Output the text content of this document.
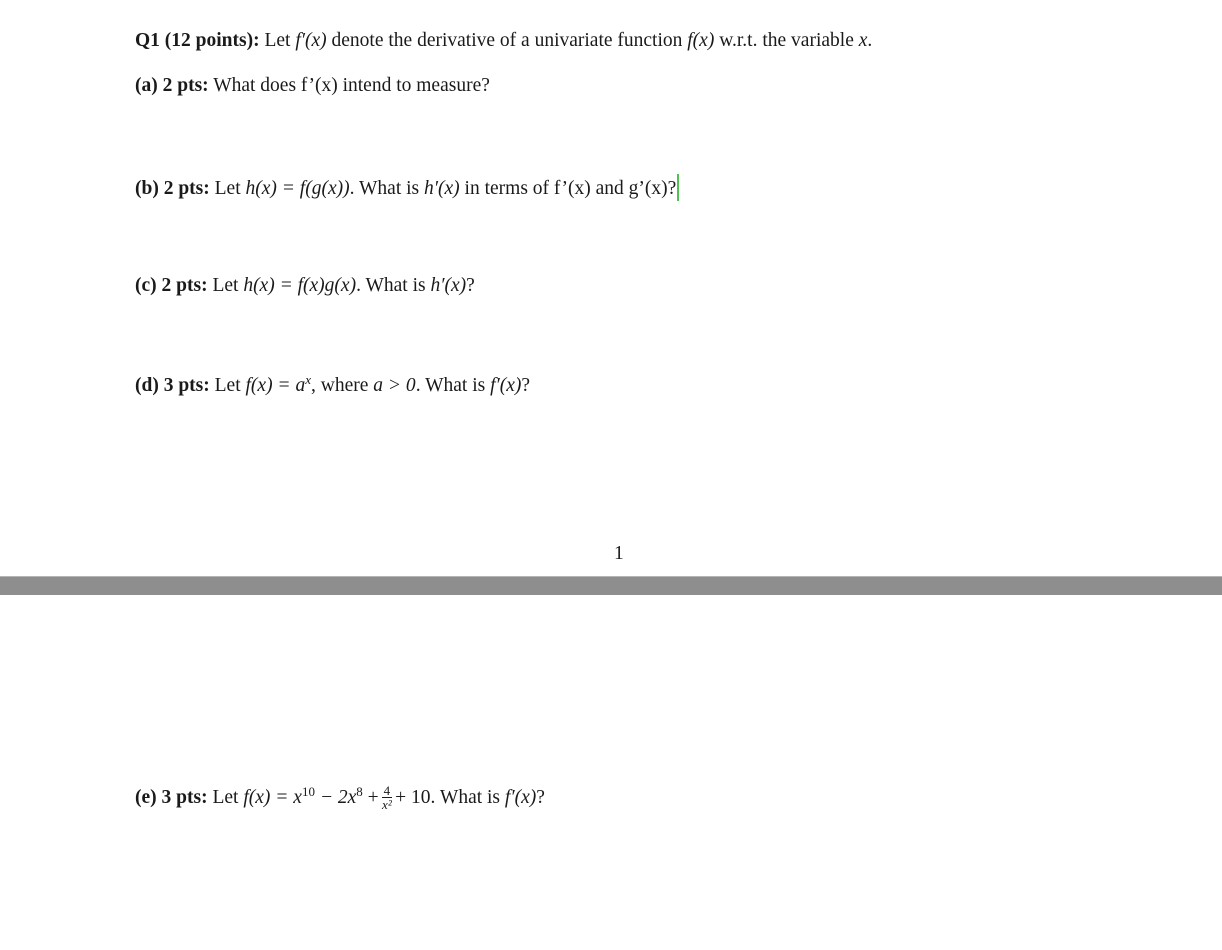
Q1 (12 points): Let f′(x) denote the derivative of a univariate function f(x) w.r.t. the variable x.
(a) 2 pts: What does f’(x) intend to measure?
(b) 2 pts: Let h(x) = f(g(x)). What is h′(x) in terms of f’(x) and g’(x)?
(c) 2 pts: Let h(x) = f(x)g(x). What is h′(x)?
(d) 3 pts: Let $f(x) = a^x$, where a > 0. What is f′(x)?
1
(e) 3 pts: Let $f(x) = x^{10} - 2x^8 + \frac{4}{\text{x²}} + 10$. What is f′(x)?
